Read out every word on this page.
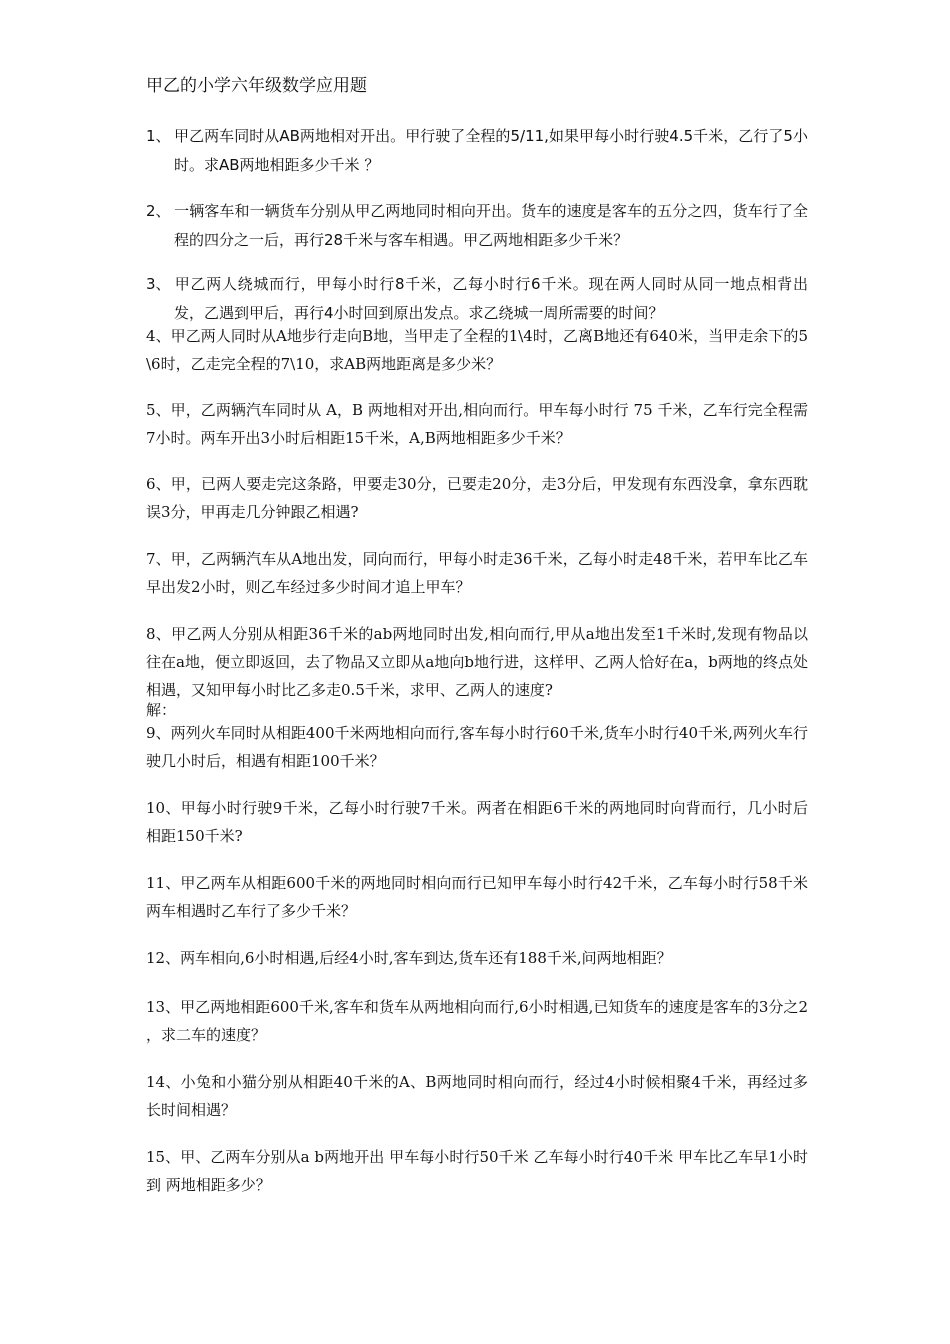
甲乙的小学六年级数学应用题
1、 甲乙两车同时从AB两地相对开出。甲行驶了全程的5/11,如果甲每小时行驶4.5千米，乙行了5小时。求AB两地相距多少千米 ？
2、 一辆客车和一辆货车分别从甲乙两地同时相向开出。货车的速度是客车的五分之四，货车行了全程的四分之一后，再行28千米与客车相遇。甲乙两地相距多少千米？
3、 甲乙两人绕城而行，甲每小时行8千米，乙每小时行6千米。现在两人同时从同一地点相背出发，乙遇到甲后，再行4小时回到原出发点。求乙绕城一周所需要的时间？
4、甲乙两人同时从A地步行走向B地，当甲走了全程的1\4时，乙离B地还有640米，当甲走余下的5\6时，乙走完全程的7\10，求AB两地距离是多少米？
5、甲，乙两辆汽车同时从 A，B 两地相对开出,相向而行。甲车每小时行 75 千米，乙车行完全程需7小时。两车开出3小时后相距15千米，A,B两地相距多少千米？
6、甲，已两人要走完这条路，甲要走30分，已要走20分，走3分后，甲发现有东西没拿，拿东西耽误3分，甲再走几分钟跟乙相遇?
7、甲，乙两辆汽车从A地出发，同向而行，甲每小时走36千米，乙每小时走48千米，若甲车比乙车早出发2小时，则乙车经过多少时间才追上甲车？
8、甲乙两人分别从相距36千米的ab两地同时出发,相向而行,甲从a地出发至1千米时,发现有物品以往在a地，便立即返回，去了物品又立即从a地向b地行进，这样甲、乙两人恰好在a，b两地的终点处相遇，又知甲每小时比乙多走0.5千米，求甲、乙两人的速度?
解：
9、两列火车同时从相距400千米两地相向而行,客车每小时行60千米,货车小时行40千米,两列火车行驶几小时后，相遇有相距100千米？
10、甲每小时行驶9千米，乙每小时行驶7千米。两者在相距6千米的两地同时向背而行，几小时后相距150千米?
11、甲乙两车从相距600千米的两地同时相向而行已知甲车每小时行42千米，乙车每小时行58千米两车相遇时乙车行了多少千米？
12、两车相向,6小时相遇,后经4小时,客车到达,货车还有188千米,问两地相距？
13、甲乙两地相距600千米,客车和货车从两地相向而行,6小时相遇,已知货车的速度是客车的3分之2 ，求二车的速度？
14、小兔和小猫分别从相距40千米的A、B两地同时相向而行，经过4小时候相聚4千米，再经过多长时间相遇？
15、甲、乙两车分别从a b两地开出 甲车每小时行50千米 乙车每小时行40千米 甲车比乙车早1小时到 两地相距多少？
